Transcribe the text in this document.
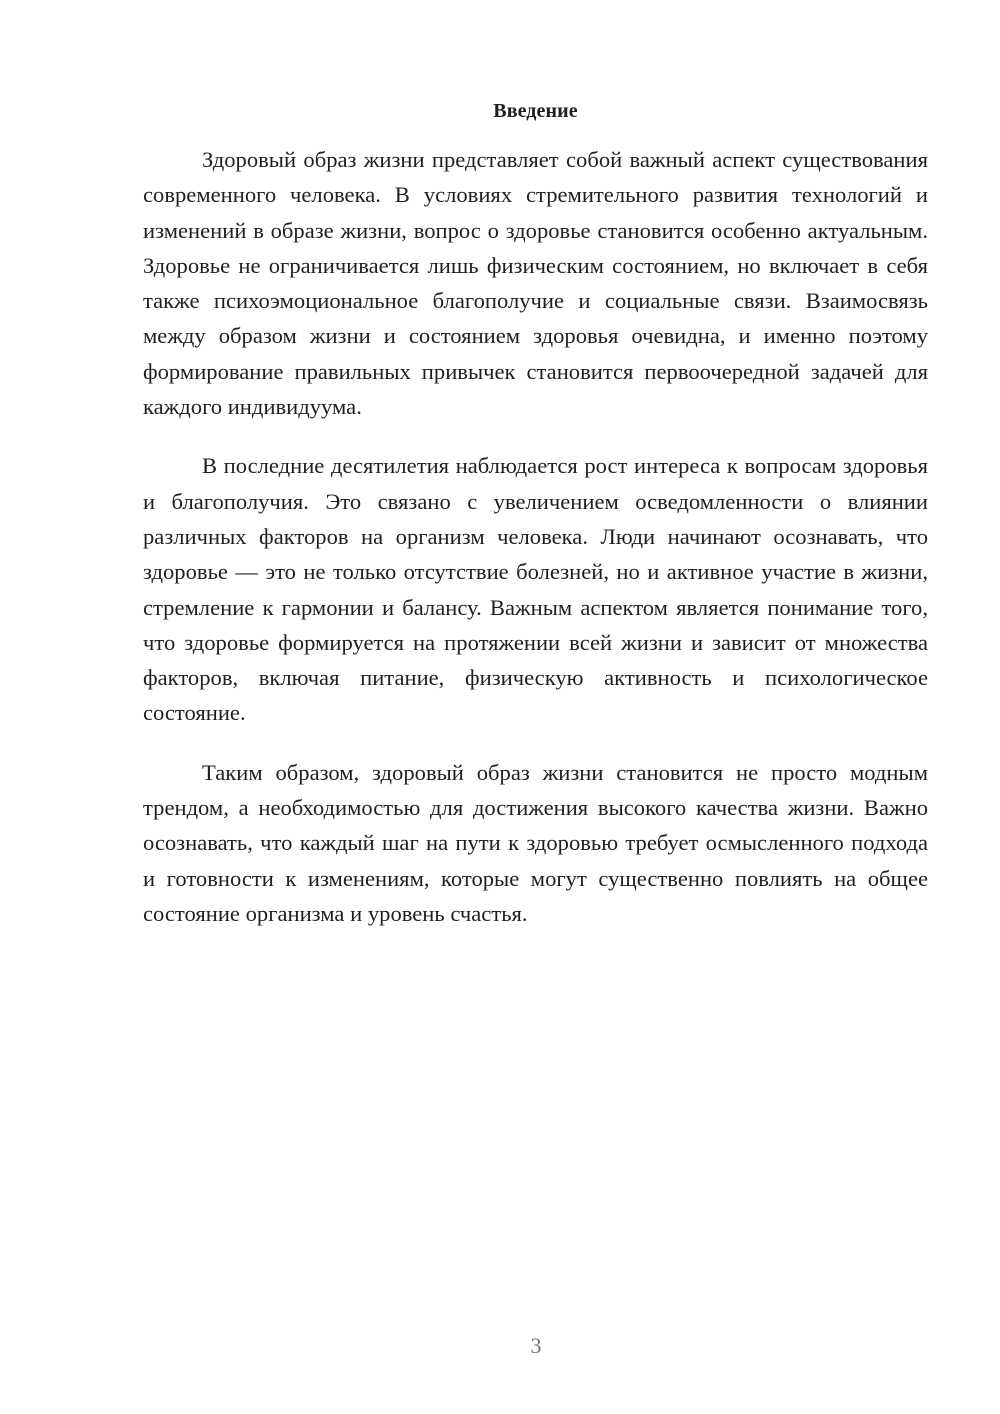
Введение

Здоровый образ жизни представляет собой важный аспект существования современного человека. В условиях стремительного развития технологий и изменений в образе жизни, вопрос о здоровье становится особенно актуальным. Здоровье не ограничивается лишь физическим состоянием, но включает в себя также психоэмоциональное благополучие и социальные связи. Взаимосвязь между образом жизни и состоянием здоровья очевидна, и именно поэтому формирование правильных привычек становится первоочередной задачей для каждого индивидуума.

В последние десятилетия наблюдается рост интереса к вопросам здоровья и благополучия. Это связано с увеличением осведомленности о влиянии различных факторов на организм человека. Люди начинают осознавать, что здоровье — это не только отсутствие болезней, но и активное участие в жизни, стремление к гармонии и балансу. Важным аспектом является понимание того, что здоровье формируется на протяжении всей жизни и зависит от множества факторов, включая питание, физическую активность и психологическое состояние.

Таким образом, здоровый образ жизни становится не просто модным трендом, а необходимостью для достижения высокого качества жизни. Важно осознавать, что каждый шаг на пути к здоровью требует осмысленного подхода и готовности к изменениям, которые могут существенно повлиять на общее состояние организма и уровень счастья.

3
